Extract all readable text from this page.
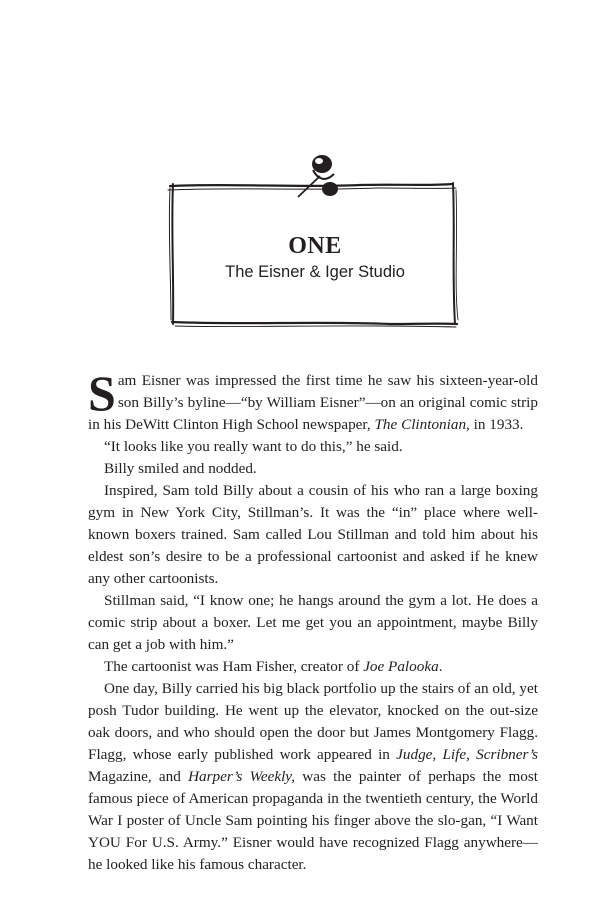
ONE
The Eisner & Iger Studio

Sam Eisner was impressed the first time he saw his sixteen-year-old son Billy’s byline—“by William Eisner”—on an original comic strip in his DeWitt Clinton High School newspaper, The Clintonian, in 1933.

“It looks like you really want to do this,” he said.

Billy smiled and nodded.

Inspired, Sam told Billy about a cousin of his who ran a large boxing gym in New York City, Stillman’s. It was the “in” place where well-known boxers trained. Sam called Lou Stillman and told him about his eldest son’s desire to be a professional cartoonist and asked if he knew any other cartoonists.

Stillman said, “I know one; he hangs around the gym a lot. He does a comic strip about a boxer. Let me get you an appointment, maybe Billy can get a job with him.”

The cartoonist was Ham Fisher, creator of Joe Palooka.

One day, Billy carried his big black portfolio up the stairs of an old, yet posh Tudor building. He went up the elevator, knocked on the out-size oak doors, and who should open the door but James Montgomery Flagg. Flagg, whose early published work appeared in Judge, Life, Scribner’s Magazine, and Harper’s Weekly, was the painter of perhaps the most famous piece of American propaganda in the twentieth century, the World War I poster of Uncle Sam pointing his finger above the slo-gan, “I Want YOU For U.S. Army.” Eisner would have recognized Flagg anywhere—he looked like his famous character.
